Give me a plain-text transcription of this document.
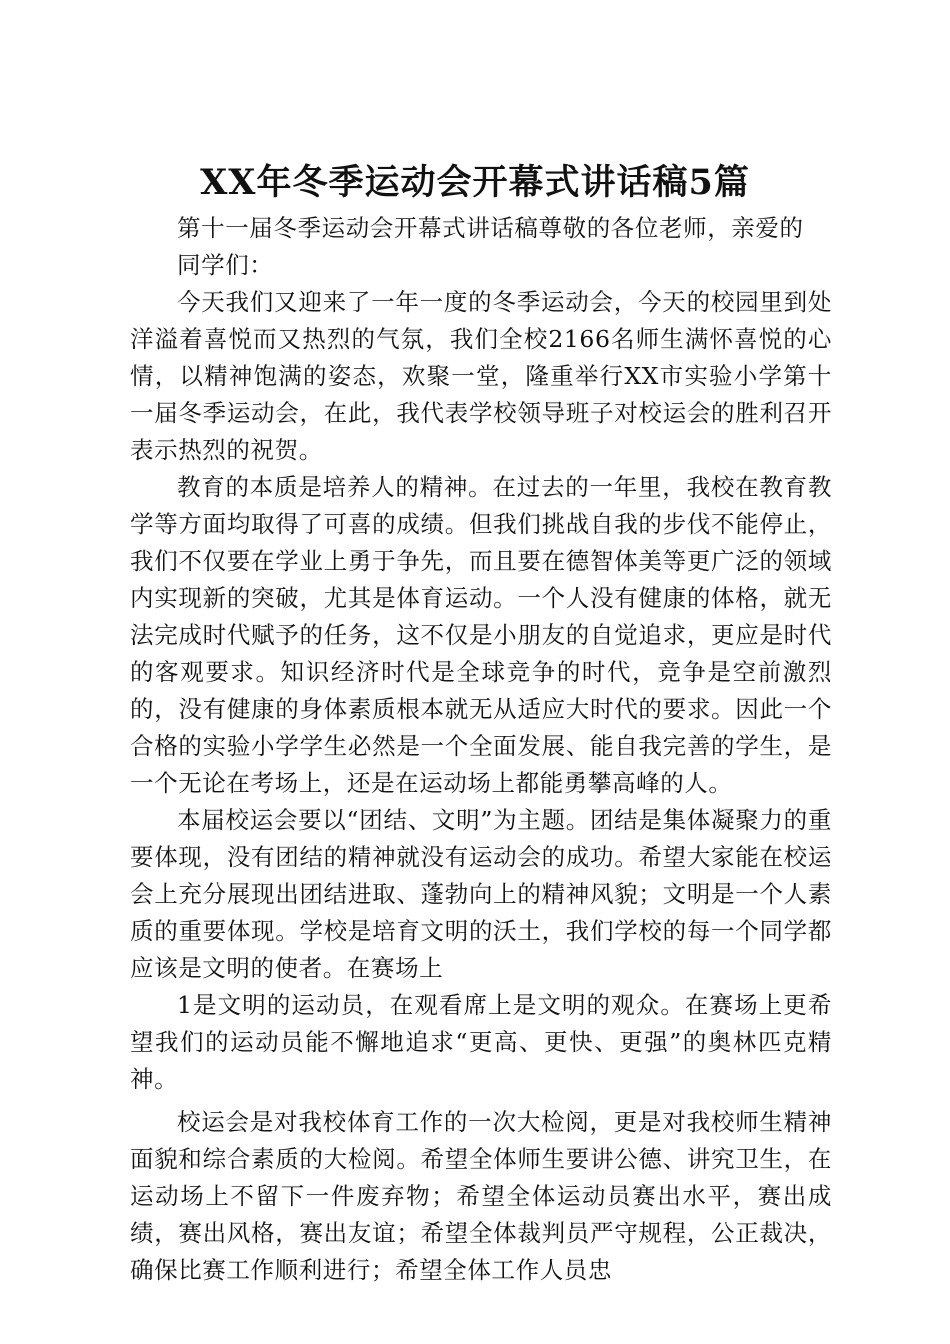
XX年冬季运动会开幕式讲话稿5篇

第十一届冬季运动会开幕式讲话稿尊敬的各位老师，亲爱的

同学们：

今天我们又迎来了一年一度的冬季运动会，今天的校园里到处洋溢着喜悦而又热烈的气氛，我们全校2166名师生满怀喜悦的心情，以精神饱满的姿态，欢聚一堂，隆重举行XX市实验小学第十一届冬季运动会，在此，我代表学校领导班子对校运会的胜利召开表示热烈的祝贺。

教育的本质是培养人的精神。在过去的一年里，我校在教育教学等方面均取得了可喜的成绩。但我们挑战自我的步伐不能停止，我们不仅要在学业上勇于争先，而且要在德智体美等更广泛的领域内实现新的突破，尤其是体育运动。一个人没有健康的体格，就无法完成时代赋予的任务，这不仅是小朋友的自觉追求，更应是时代的客观要求。知识经济时代是全球竞争的时代，竞争是空前激烈的，没有健康的身体素质根本就无从适应大时代的要求。因此一个合格的实验小学学生必然是一个全面发展、能自我完善的学生，是一个无论在考场上，还是在运动场上都能勇攀高峰的人。

本届校运会要以“团结、文明”为主题。团结是集体凝聚力的重要体现，没有团结的精神就没有运动会的成功。希望大家能在校运会上充分展现出团结进取、蓬勃向上的精神风貌；文明是一个人素质的重要体现。学校是培育文明的沃土，我们学校的每一个同学都应该是文明的使者。在赛场上

1是文明的运动员，在观看席上是文明的观众。在赛场上更希望我们的运动员能不懈地追求“更高、更快、更强”的奥林匹克精神。

校运会是对我校体育工作的一次大检阅，更是对我校师生精神面貌和综合素质的大检阅。希望全体师生要讲公德、讲究卫生，在运动场上不留下一件废弃物；希望全体运动员赛出水平，赛出成绩，赛出风格，赛出友谊；希望全体裁判员严守规程，公正裁决，确保比赛工作顺利进行；希望全体工作人员忠
